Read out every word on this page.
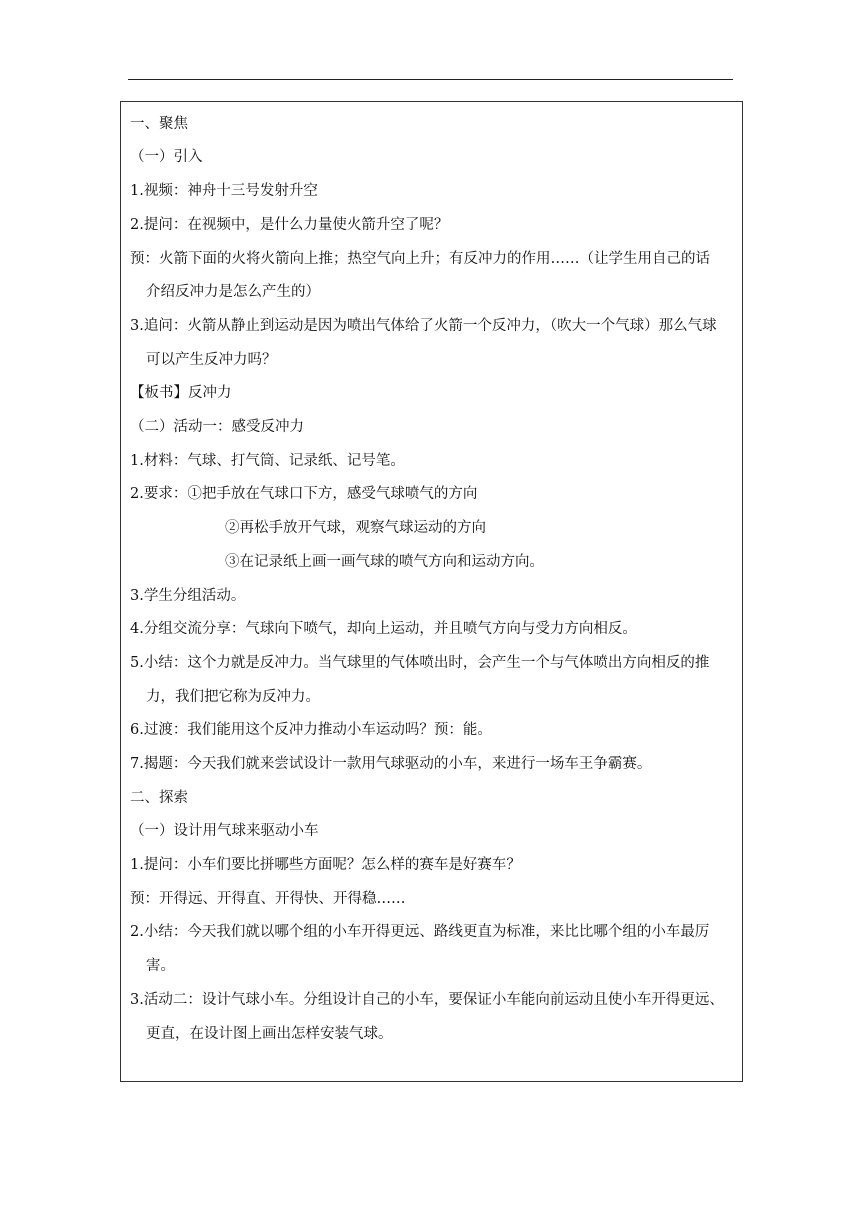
一、聚焦
（一）引入
1.视频：神舟十三号发射升空
2.提问：在视频中，是什么力量使火箭升空了呢？
预：火箭下面的火将火箭向上推；热空气向上升；有反冲力的作用……（让学生用自己的话
介绍反冲力是怎么产生的）
3.追问：火箭从静止到运动是因为喷出气体给了火箭一个反冲力，（吹大一个气球）那么气球
可以产生反冲力吗？
【板书】反冲力
（二）活动一：感受反冲力
1.材料：气球、打气筒、记录纸、记号笔。
2.要求：①把手放在气球口下方，感受气球喷气的方向
②再松手放开气球，观察气球运动的方向
③在记录纸上画一画气球的喷气方向和运动方向。
3.学生分组活动。
4.分组交流分享：气球向下喷气，却向上运动，并且喷气方向与受力方向相反。
5.小结：这个力就是反冲力。当气球里的气体喷出时，会产生一个与气体喷出方向相反的推
力，我们把它称为反冲力。
6.过渡：我们能用这个反冲力推动小车运动吗？预：能。
7.揭题：今天我们就来尝试设计一款用气球驱动的小车，来进行一场车王争霸赛。
二、探索
（一）设计用气球来驱动小车
1.提问：小车们要比拼哪些方面呢？怎么样的赛车是好赛车？
预：开得远、开得直、开得快、开得稳……
2.小结：今天我们就以哪个组的小车开得更远、路线更直为标准，来比比哪个组的小车最厉
害。
3.活动二：设计气球小车。分组设计自己的小车，要保证小车能向前运动且使小车开得更远、
更直，在设计图上画出怎样安装气球。
